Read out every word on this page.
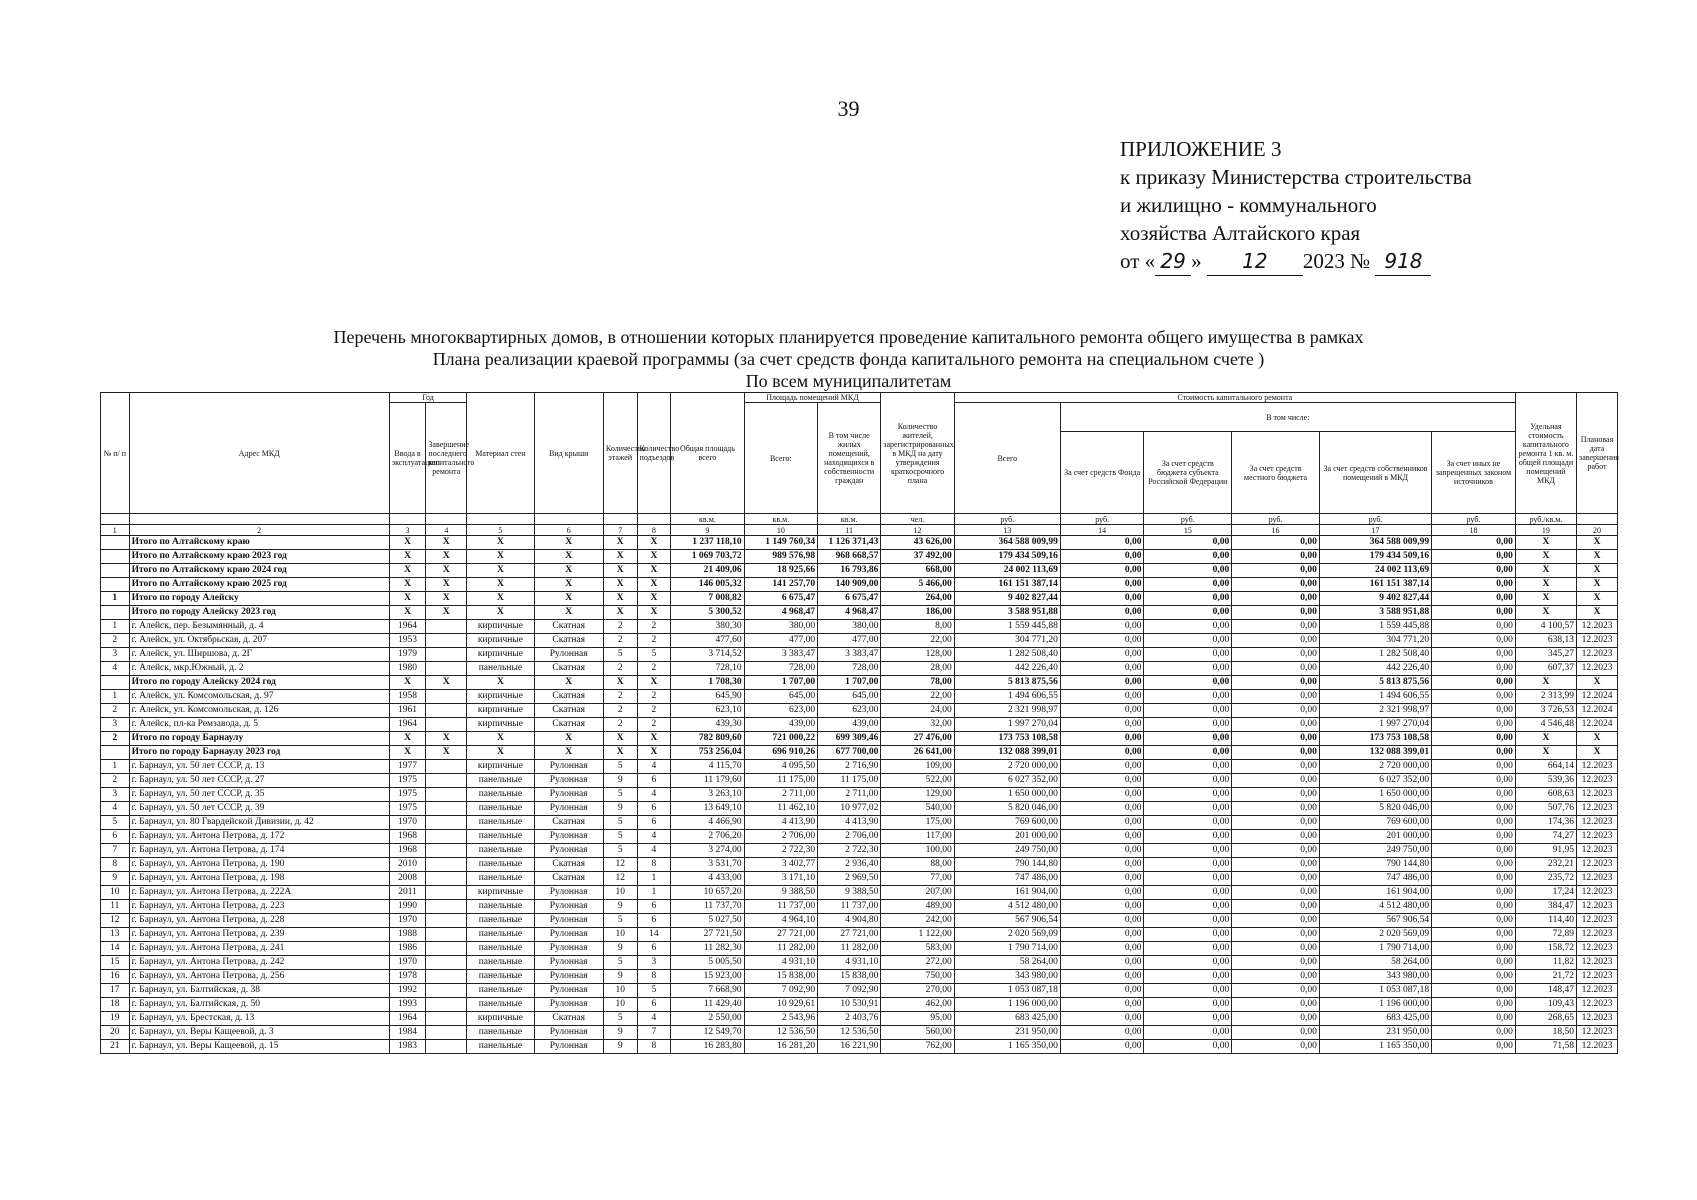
39
ПРИЛОЖЕНИЕ 3
к приказу Министерства строительства
и жилищно - коммунального
хозяйства Алтайского края
от « 29 » 12 2023 № 918
Перечень многоквартирных домов, в отношении которых планируется проведение капитального ремонта общего имущества в рамках
Плана реализации краевой программы (за счет средств фонда капитального ремонта на специальном счете )
По всем муниципалитетам
№ п/ п	Адрес МКД	Год		Материал стен	Вид крыши	Количество этажей	Количество подъездов	Общая площадь всего	Площадь помещений МКД		Количество жителей, зарегистрированных в МКД на дату утверждения краткосрочного плана	Стоимость капитального ремонта						Удельная стоимость капитального ремонта 1 кв. м. общей площади помещений МКД	Плановая дата завершения работ
		Ввода в эксплуатацию	Завершение последнего капитального ремонта						Всего:	В том числе жилых помещений, находящихся в собственности граждан		Всего	В том числе:						
													За счет средств Фонда	За счет средств бюджета субъекта Российской Федерации	За счет средств местного бюджета	За счет средств собственников помещений в МКД	За счет иных не запрещенных законом источников		
								кв.м.	кв.м.	кв.м.	чел.	руб.	руб.	руб.	руб.	руб.	руб.	руб./кв.м.	
1	2	3	4	5	6	7	8	9	10	11	12	13	14	15	16	17	18	19	20
	Итого по Алтайскому краю	X	X	X	X	X	X	1 237 118,10	1 149 760,34	1 126 371,43	43 626,00	364 588 009,99	0,00	0,00	0,00	364 588 009,99	0,00	X	X
	Итого по Алтайскому краю 2023 год	X	X	X	X	X	X	1 069 703,72	989 576,98	968 668,57	37 492,00	179 434 509,16	0,00	0,00	0,00	179 434 509,16	0,00	X	X
	Итого по Алтайскому краю 2024 год	X	X	X	X	X	X	21 409,06	18 925,66	16 793,86	668,00	24 002 113,69	0,00	0,00	0,00	24 002 113,69	0,00	X	X
	Итого по Алтайскому краю 2025 год	X	X	X	X	X	X	146 005,32	141 257,70	140 909,00	5 466,00	161 151 387,14	0,00	0,00	0,00	161 151 387,14	0,00	X	X
1	Итого по городу Алейску	X	X	X	X	X	X	7 008,82	6 675,47	6 675,47	264,00	9 402 827,44	0,00	0,00	0,00	9 402 827,44	0,00	X	X
	Итого по городу Алейску 2023 год	X	X	X	X	X	X	5 300,52	4 968,47	4 968,47	186,00	3 588 951,88	0,00	0,00	0,00	3 588 951,88	0,00	X	X
1	г. Алейск, пер. Безымянный, д. 4	1964		кирпичные	Скатная	2	2	380,30	380,00	380,00	8,00	1 559 445,88	0,00	0,00	0,00	1 559 445,88	0,00	4 100,57	12.2023
2	г. Алейск, ул. Октябрьская, д. 207	1953		кирпичные	Скатная	2	2	477,60	477,00	477,00	22,00	304 771,20	0,00	0,00	0,00	304 771,20	0,00	638,13	12.2023
3	г. Алейск, ул. Ширшова, д. 2Г	1979		кирпичные	Рулонная	5	5	3 714,52	3 383,47	3 383,47	128,00	1 282 508,40	0,00	0,00	0,00	1 282 508,40	0,00	345,27	12.2023
4	г. Алейск, мкр.Южный, д. 2	1980		панельные	Скатная	2	2	728,10	728,00	728,00	28,00	442 226,40	0,00	0,00	0,00	442 226,40	0,00	607,37	12.2023
	Итого по городу Алейску 2024 год	X	X	X	X	X	X	1 708,30	1 707,00	1 707,00	78,00	5 813 875,56	0,00	0,00	0,00	5 813 875,56	0,00	X	X
1	г. Алейск, ул. Комсомольская, д. 97	1958		кирпичные	Скатная	2	2	645,90	645,00	645,00	22,00	1 494 606,55	0,00	0,00	0,00	1 494 606,55	0,00	2 313,99	12.2024
2	г. Алейск, ул. Комсомольская, д. 126	1961		кирпичные	Скатная	2	2	623,10	623,00	623,00	24,00	2 321 998,97	0,00	0,00	0,00	2 321 998,97	0,00	3 726,53	12.2024
3	г. Алейск, пл-ка Ремзавода, д. 5	1964		кирпичные	Скатная	2	2	439,30	439,00	439,00	32,00	1 997 270,04	0,00	0,00	0,00	1 997 270,04	0,00	4 546,48	12.2024
2	Итого по городу Барнаулу	X	X	X	X	X	X	782 809,60	721 000,22	699 309,46	27 476,00	173 753 108,58	0,00	0,00	0,00	173 753 108,58	0,00	X	X
	Итого по городу Барнаулу 2023 год	X	X	X	X	X	X	753 256,04	696 910,26	677 700,00	26 641,00	132 088 399,01	0,00	0,00	0,00	132 088 399,01	0,00	X	X
1	г. Барнаул, ул. 50 лет СССР, д. 13	1977		кирпичные	Рулонная	5	4	4 115,70	4 095,50	2 716,90	109,00	2 720 000,00	0,00	0,00	0,00	2 720 000,00	0,00	664,14	12.2023
2	г. Барнаул, ул. 50 лет СССР, д. 27	1975		панельные	Рулонная	9	6	11 179,60	11 175,00	11 175,00	522,00	6 027 352,00	0,00	0,00	0,00	6 027 352,00	0,00	539,36	12.2023
3	г. Барнаул, ул. 50 лет СССР, д. 35	1975		панельные	Рулонная	5	4	3 263,10	2 711,00	2 711,00	129,00	1 650 000,00	0,00	0,00	0,00	1 650 000,00	0,00	608,63	12.2023
4	г. Барнаул, ул. 50 лет СССР, д. 39	1975		панельные	Рулонная	9	6	13 649,10	11 462,10	10 977,02	540,00	5 820 046,00	0,00	0,00	0,00	5 820 046,00	0,00	507,76	12.2023
5	г. Барнаул, ул. 80 Гвардейской Дивизии, д. 42	1970		панельные	Скатная	5	6	4 466,90	4 413,90	4 413,90	175,00	769 600,00	0,00	0,00	0,00	769 600,00	0,00	174,36	12.2023
6	г. Барнаул, ул. Антона Петрова, д. 172	1968		панельные	Рулонная	5	4	2 706,20	2 706,00	2 706,00	117,00	201 000,00	0,00	0,00	0,00	201 000,00	0,00	74,27	12.2023
7	г. Барнаул, ул. Антона Петрова, д. 174	1968		панельные	Рулонная	5	4	3 274,00	2 722,30	2 722,30	100,00	249 750,00	0,00	0,00	0,00	249 750,00	0,00	91,95	12.2023
8	г. Барнаул, ул. Антона Петрова, д. 190	2010		панельные	Скатная	12	8	3 531,70	3 402,77	2 936,40	88,00	790 144,80	0,00	0,00	0,00	790 144,80	0,00	232,21	12.2023
9	г. Барнаул, ул. Антона Петрова, д. 198	2008		панельные	Скатная	12	1	4 433,00	3 171,10	2 969,50	77,00	747 486,00	0,00	0,00	0,00	747 486,00	0,00	235,72	12.2023
10	г. Барнаул, ул. Антона Петрова, д. 222А	2011		кирпичные	Рулонная	10	1	10 657,20	9 388,50	9 388,50	207,00	161 904,00	0,00	0,00	0,00	161 904,00	0,00	17,24	12.2023
11	г. Барнаул, ул. Антона Петрова, д. 223	1990		панельные	Рулонная	9	6	11 737,70	11 737,00	11 737,00	489,00	4 512 480,00	0,00	0,00	0,00	4 512 480,00	0,00	384,47	12.2023
12	г. Барнаул, ул. Антона Петрова, д. 228	1970		панельные	Рулонная	5	6	5 027,50	4 964,10	4 904,80	242,00	567 906,54	0,00	0,00	0,00	567 906,54	0,00	114,40	12.2023
13	г. Барнаул, ул. Антона Петрова, д. 239	1988		панельные	Рулонная	10	14	27 721,50	27 721,00	27 721,00	1 122,00	2 020 569,09	0,00	0,00	0,00	2 020 569,09	0,00	72,89	12.2023
14	г. Барнаул, ул. Антона Петрова, д. 241	1986		панельные	Рулонная	9	6	11 282,30	11 282,00	11 282,00	583,00	1 790 714,00	0,00	0,00	0,00	1 790 714,00	0,00	158,72	12.2023
15	г. Барнаул, ул. Антона Петрова, д. 242	1970		панельные	Рулонная	5	3	5 005,50	4 931,10	4 931,10	272,00	58 264,00	0,00	0,00	0,00	58 264,00	0,00	11,82	12.2023
16	г. Барнаул, ул. Антона Петрова, д. 256	1978		панельные	Рулонная	9	8	15 923,00	15 838,00	15 838,00	750,00	343 980,00	0,00	0,00	0,00	343 980,00	0,00	21,72	12.2023
17	г. Барнаул, ул. Балтийская, д. 38	1992		панельные	Рулонная	10	5	7 668,90	7 092,90	7 092,90	270,00	1 053 087,18	0,00	0,00	0,00	1 053 087,18	0,00	148,47	12.2023
18	г. Барнаул, ул. Балтийская, д. 50	1993		панельные	Рулонная	10	6	11 429,40	10 929,61	10 530,91	462,00	1 196 000,00	0,00	0,00	0,00	1 196 000,00	0,00	109,43	12.2023
19	г. Барнаул, ул. Брестская, д. 13	1964		кирпичные	Скатная	5	4	2 550,00	2 543,96	2 403,76	95,00	683 425,00	0,00	0,00	0,00	683 425,00	0,00	268,65	12.2023
20	г. Барнаул, ул. Веры Кащеевой, д. 3	1984		панельные	Рулонная	9	7	12 549,70	12 536,50	12 536,50	560,00	231 950,00	0,00	0,00	0,00	231 950,00	0,00	18,50	12.2023
21	г. Барнаул, ул. Веры Кащеевой, д. 15	1983		панельные	Рулонная	9	8	16 283,80	16 281,20	16 221,90	762,00	1 165 350,00	0,00	0,00	0,00	1 165 350,00	0,00	71,58	12.2023
